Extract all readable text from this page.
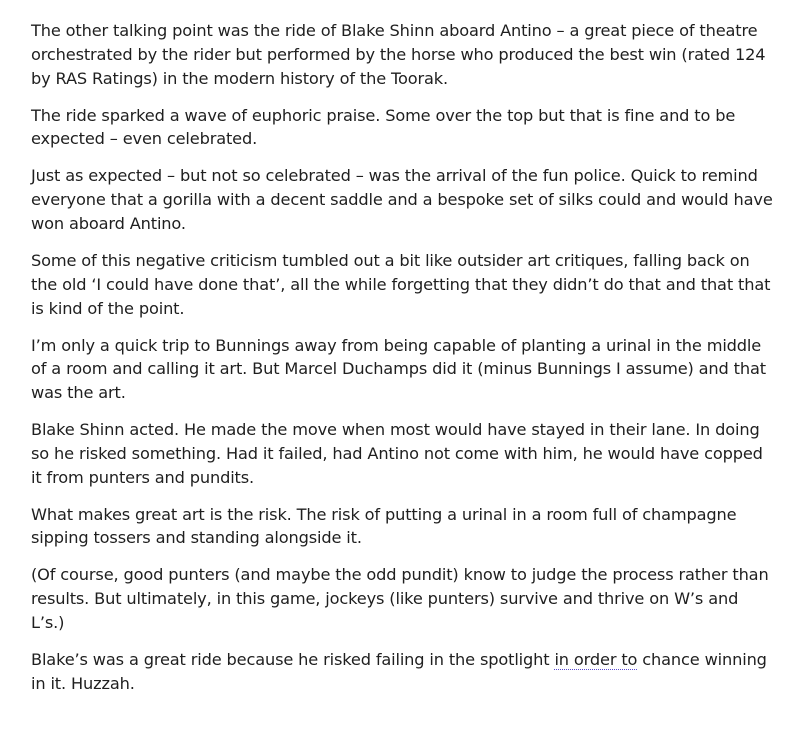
The other talking point was the ride of Blake Shinn aboard Antino – a great piece of theatre orchestrated by the rider but performed by the horse who produced the best win (rated 124 by RAS Ratings) in the modern history of the Toorak.

The ride sparked a wave of euphoric praise. Some over the top but that is fine and to be expected – even celebrated.

Just as expected – but not so celebrated – was the arrival of the fun police. Quick to remind everyone that a gorilla with a decent saddle and a bespoke set of silks could and would have won aboard Antino.

Some of this negative criticism tumbled out a bit like outsider art critiques, falling back on the old ‘I could have done that’, all the while forgetting that they didn’t do that and that that is kind of the point.

I’m only a quick trip to Bunnings away from being capable of planting a urinal in the middle of a room and calling it art. But Marcel Duchamps did it (minus Bunnings I assume) and that was the art.

Blake Shinn acted. He made the move when most would have stayed in their lane. In doing so he risked something. Had it failed, had Antino not come with him, he would have copped it from punters and pundits.

What makes great art is the risk. The risk of putting a urinal in a room full of champagne sipping tossers and standing alongside it.

(Of course, good punters (and maybe the odd pundit) know to judge the process rather than results. But ultimately, in this game, jockeys (like punters) survive and thrive on W’s and L’s.)

Blake’s was a great ride because he risked failing in the spotlight in order to chance winning in it. Huzzah.
